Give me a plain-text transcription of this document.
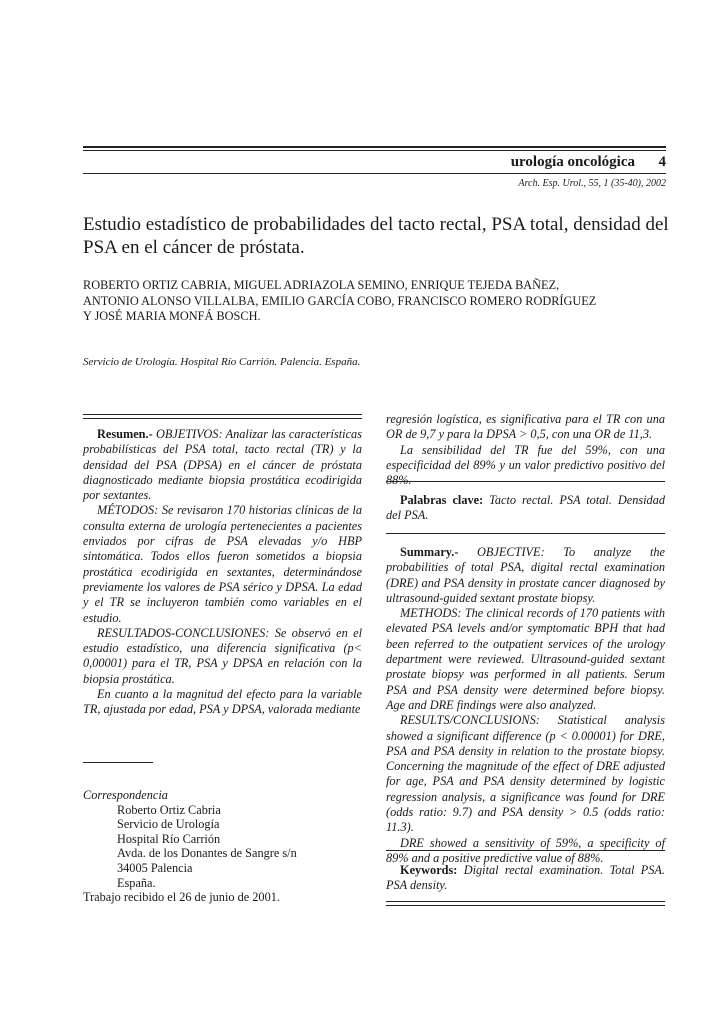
urología oncológica 4
Arch. Esp. Urol., 55, 1 (35-40), 2002
Estudio estadístico de probabilidades del tacto rectal, PSA total, densidad del PSA en el cáncer de próstata.
ROBERTO ORTIZ CABRIA, MIGUEL ADRIAZOLA SEMINO, ENRIQUE TEJEDA BAÑEZ,
ANTONIO ALONSO VILLALBA, EMILIO GARCÍA COBO, FRANCISCO ROMERO RODRÍGUEZ
Y JOSÉ MARIA MONFÁ BOSCH.
Servicio de Urología. Hospital Río Carrión. Palencia. España.

Resumen.- OBJETIVOS: Analizar las características probabilísticas del PSA total, tacto rectal (TR) y la densidad del PSA (DPSA) en el cáncer de próstata diagnosticado mediante biopsia prostática ecodirigida por sextantes.

MÉTODOS: Se revisaron 170 historias clínicas de la consulta externa de urología pertenecientes a pacientes enviados por cifras de PSA elevadas y/o HBP sintomática. Todos ellos fueron sometidos a biopsia prostática ecodirigida en sextantes, determinándose previamente los valores de PSA sérico y DPSA. La edad y el TR se incluyeron también como variables en el estudio.

RESULTADOS-CONCLUSIONES: Se observó en el estudio estadístico, una diferencia significativa (p< 0,00001) para el TR, PSA y DPSA en relación con la biopsia prostática.

En cuanto a la magnitud del efecto para la variable TR, ajustada por edad, PSA y DPSA, valorada mediante

Correspondencia
Roberto Ortiz Cabria
Servicio de Urología
Hospital Río Carrión
Avda. de los Donantes de Sangre s/n
34005 Palencia
España.
Trabajo recibido el 26 de junio de 2001.

regresión logística, es significativa para el TR con una OR de 9,7 y para la DPSA > 0,5, con una OR de 11,3.

La sensibilidad del TR fue del 59%, con una especificidad del 89% y un valor predictivo positivo del

Palabras clave: Tacto rectal. PSA total. Densidad del PSA.

Summary.- OBJECTIVE: To analyze the probabilities of total PSA, digital rectal examination (DRE) and PSA density in prostate cancer diagnosed by ultrasound-guided sextant prostate biopsy.

METHODS: The clinical records of 170 patients with elevated PSA levels and/or symptomatic BPH that had been referred to the outpatient services of the urology department were reviewed. Ultrasound-guided sextant prostate biopsy was performed in all patients. Serum PSA and PSA density were determined before biopsy. Age and DRE findings were also analyzed.

RESULTS/CONCLUSIONS: Statistical analysis showed a significant difference (p < 0.00001) for DRE, PSA and PSA density in relation to the prostate biopsy. Concerning the magnitude of the effect of DRE adjusted for age, PSA and PSA density determined by logistic regression analysis, a significance was found for DRE (odds ratio: 9.7) and PSA density > 0.5 (odds ratio: 11.3).

DRE showed a sensitivity of 59%, a specificity of 89% and a positive predictive value of 88%.

Keywords: Digital rectal examination. Total PSA. PSA density.
